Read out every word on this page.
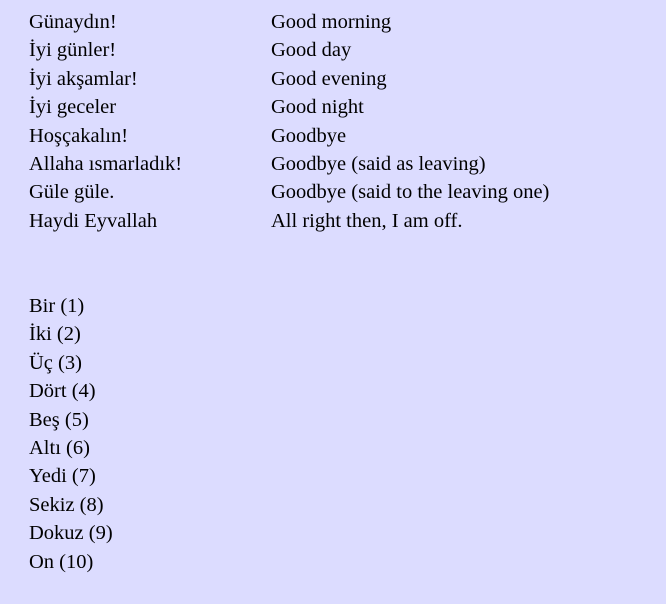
Günaydın!	Good morning
İyi günler!	Good day
İyi akşamlar!	Good evening
İyi geceler	Good night
Hoşçakalın!	Goodbye
Allaha ısmarladık!	Goodbye (said as leaving)
Güle güle.	Goodbye (said to the leaving one)
Haydi Eyvallah	All right then, I am off.
Bir (1)
İki (2)
Üç (3)
Dört (4)
Beş (5)
Altı (6)
Yedi (7)
Sekiz (8)
Dokuz (9)
On (10)
